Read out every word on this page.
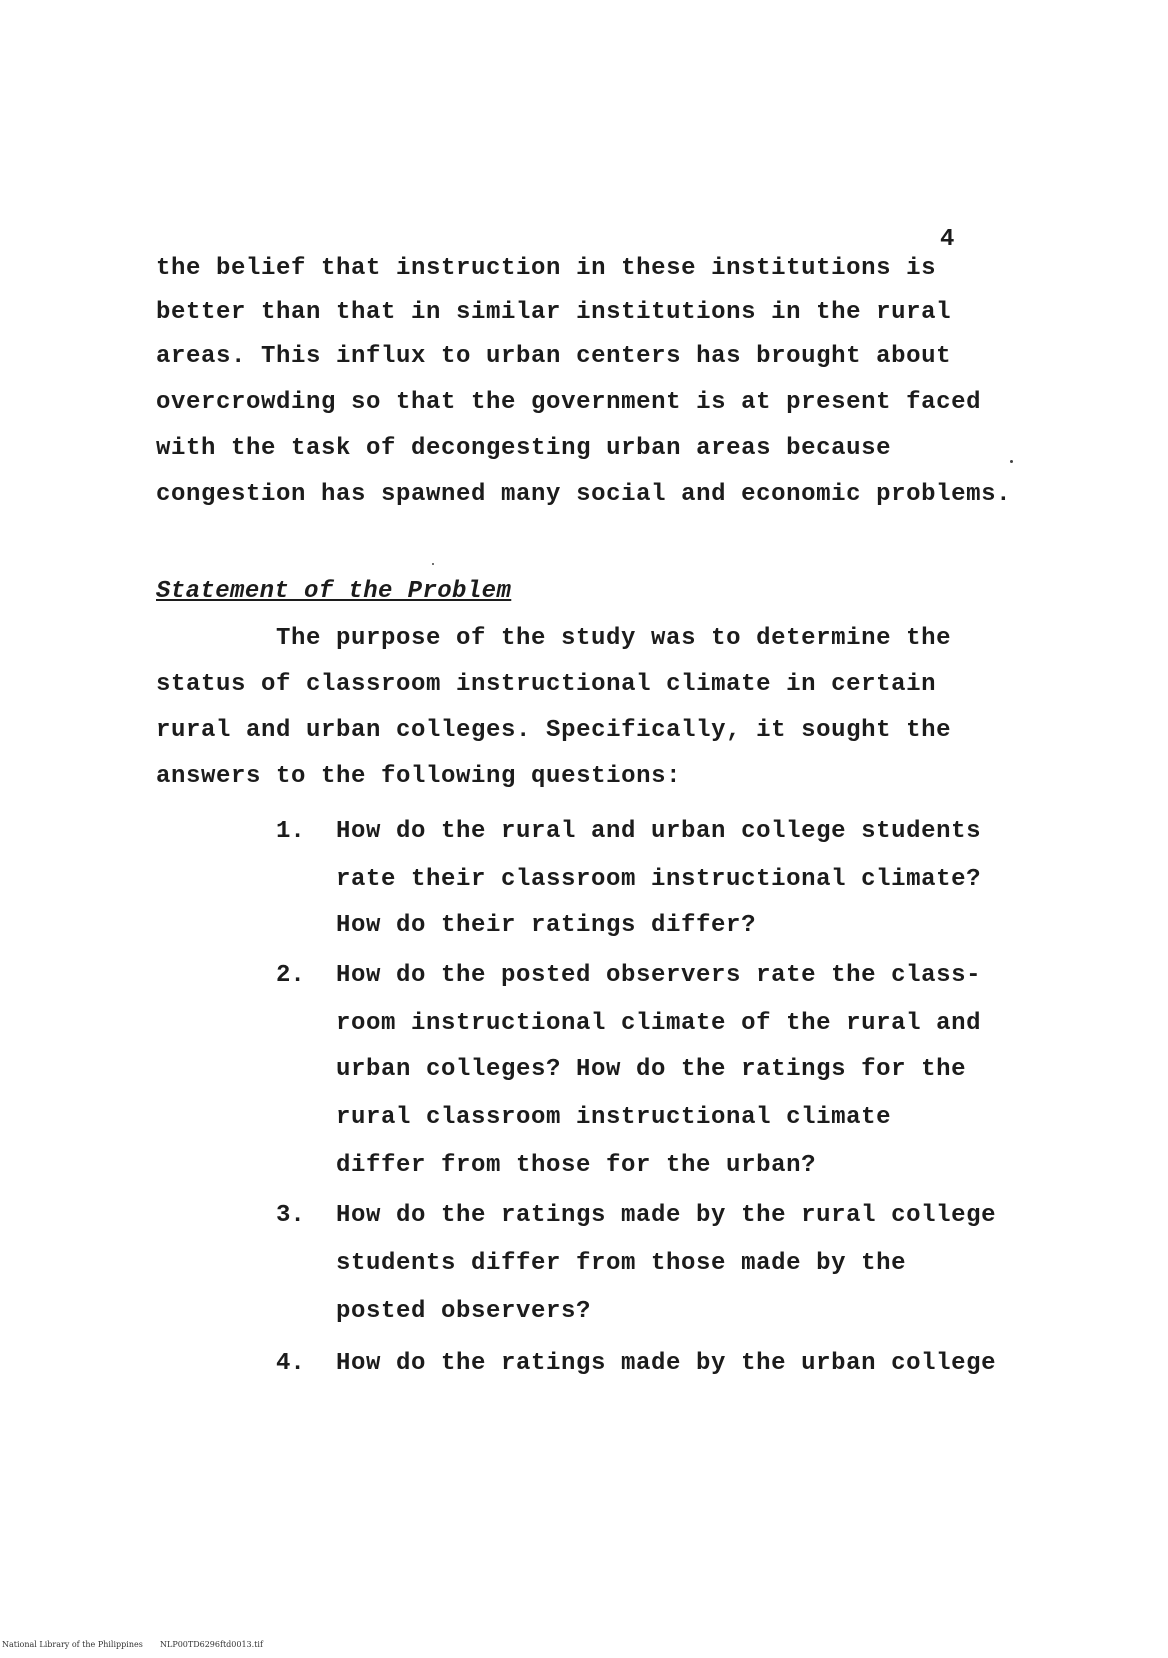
4
the belief that instruction in these institutions is
better than that in similar institutions in the rural
areas. This influx to urban centers has brought about
overcrowding so that the government is at present faced
with the task of decongesting urban areas because
congestion has spawned many social and economic problems.
Statement of the Problem
The purpose of the study was to determine the
status of classroom instructional climate in certain
rural and urban colleges. Specifically, it sought the
answers to the following questions:
1. How do the rural and urban college students
rate their classroom instructional climate?
How do their ratings differ?
2. How do the posted observers rate the class-
room instructional climate of the rural and
urban colleges? How do the ratings for the
rural classroom instructional climate
differ from those for the urban?
3. How do the ratings made by the rural college
students differ from those made by the
posted observers?
4. How do the ratings made by the urban college
National Library of the Philippines NLP00TD6296ftd0013.tif
